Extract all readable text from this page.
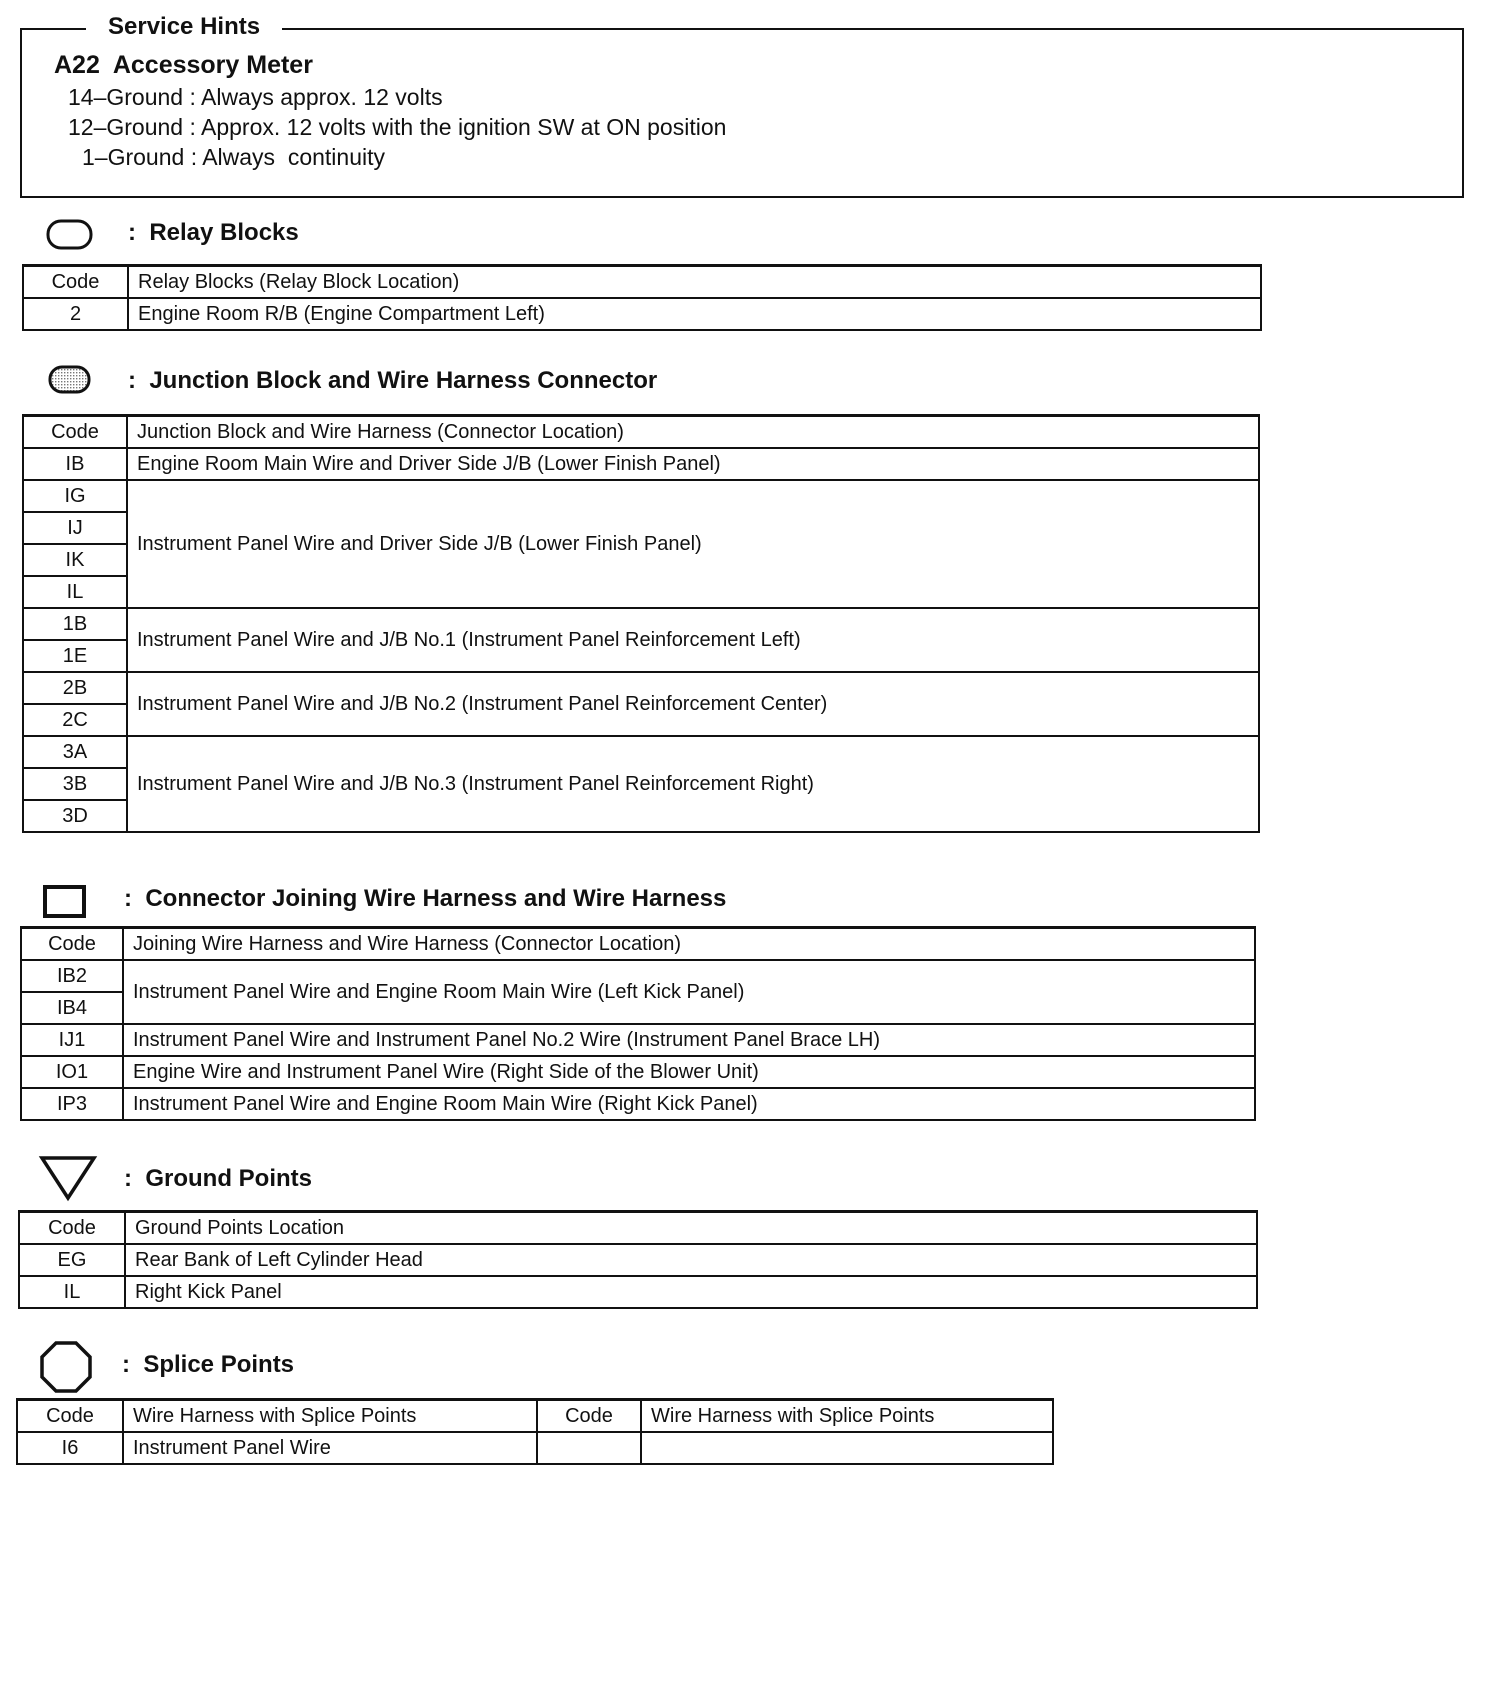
Service Hints
A22  Accessory Meter
14–Ground : Always approx. 12 volts
12–Ground : Approx. 12 volts with the ignition SW at ON position
1–Ground : Always  continuity
:  Relay Blocks
Code	Relay Blocks (Relay Block Location)
2	Engine Room R/B (Engine Compartment Left)
:  Junction Block and Wire Harness Connector
Code	Junction Block and Wire Harness (Connector Location)
IB	Engine Room Main Wire and Driver Side J/B (Lower Finish Panel)
IG	Instrument Panel Wire and Driver Side J/B (Lower Finish Panel)
IJ	
IK	
IL	
1B	Instrument Panel Wire and J/B No.1 (Instrument Panel Reinforcement Left)
1E	
2B	Instrument Panel Wire and J/B No.2 (Instrument Panel Reinforcement Center)
2C	
3A	Instrument Panel Wire and J/B No.3 (Instrument Panel Reinforcement Right)
3B	
3D	
:  Connector Joining Wire Harness and Wire Harness
Code	Joining Wire Harness and Wire Harness (Connector Location)
IB2	Instrument Panel Wire and Engine Room Main Wire (Left Kick Panel)
IB4	
IJ1	Instrument Panel Wire and Instrument Panel No.2 Wire (Instrument Panel Brace LH)
IO1	Engine Wire and Instrument Panel Wire (Right Side of the Blower Unit)
IP3	Instrument Panel Wire and Engine Room Main Wire (Right Kick Panel)
:  Ground Points
Code	Ground Points Location
EG	Rear Bank of Left Cylinder Head
IL	Right Kick Panel
:  Splice Points
Code	Wire Harness with Splice Points	Code	Wire Harness with Splice Points
I6	Instrument Panel Wire		
